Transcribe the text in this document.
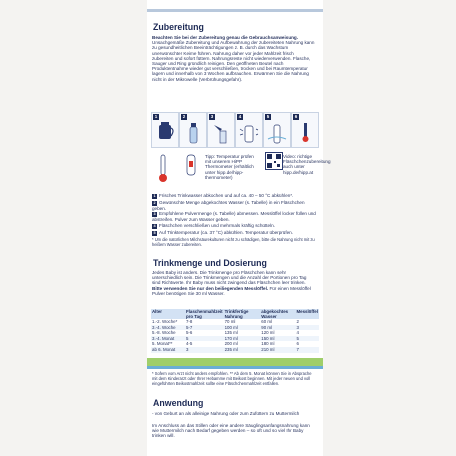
Zubereitung

Beachten Sie bei der Zubereitung genau die Gebrauchsanweisung. Unsachgemäße Zubereitung und Aufbewahrung der zubereiteten Nahrung kann zu gesundheitlichen Beeinträchtigungen z. B. durch das Wachstum unerwünschter Keime führen. Nahrung daher vor jeder Mahlzeit frisch zubereiten und sofort füttern. Nahrungsreste nicht wiederverwenden. Flasche, Sauger und Ring gründlich reinigen. Den geöffneten Beutel nach Produktentnahme wieder gut verschließen, trocken und bei Raumtemperatur lagern und innerhalb von 3 Wochen aufbrauchen. Erwärmen Sie die Nahrung nicht in der Mikrowelle (Verbrühungsgefahr).

1	2	3	4	5	6
Tipp: Temperatur prüfen mit unserem HiPP Thermometer (erhältlich unter hipp.de/hipp-thermometer)
Video: richtige Fläschchenzubereitung auch unter hipp.de/hipp.at
1 Frisches Trinkwasser abkochen und auf ca. 40 – 50 °C abkühlen*.
2 Gewünschte Menge abgekochtes Wasser (s. Tabelle) in ein Fläschchen geben.
3 Empfohlene Pulvermenge (s. Tabelle) abmessen. Messlöffel locker füllen und abstreifen. Pulver zum Wasser geben.
4 Fläschchen verschließen und mehrmals kräftig schütteln.
5 Auf Trinktemperatur (ca. 37 °C) abkühlen. Temperatur überprüfen.
* Um die natürlichen Milchsäurekulturen nicht zu schädigen, bitte die Nahrung nicht mit zu heißem Wasser zubereiten.
Trinkmenge und Dosierung

Jedes Baby ist anders. Die Trinkmenge pro Fläschchen kann sehr unterschiedlich sein. Die Trinkmengen und die Anzahl der Portionen pro Tag sind Richtwerte. Ihr Baby muss nicht zwingend das Fläschchen leer trinken. Bitte verwenden Sie nur den beiliegenden Messlöffel. Für einen Messlöffel Pulver benötigen Sie 30 ml Wasser.

Alter	Flaschenmahlzeit pro Tag	Trinkfertige Nahrung	abgekochtes Wasser	Messlöffel
1.-2. Woche*	7-8	70 ml	60 ml	2
3.-4. Woche	5-7	100 ml	90 ml	3
5.-8. Woche	5-6	135 ml	120 ml	4
3.-4. Monat	5	170 ml	150 ml	5
5. Monat**	4-5	200 ml	180 ml	6
ab 6. Monat	3	235 ml	210 ml	7

* Sofern vom Arzt nicht anders empfohlen. ** Ab dem 5. Monat können Sie in Absprache mit dem Kinderarzt oder Ihrer Hebamme mit Beikost beginnen. Mit jeder neuen und voll eingeführten Beikostmahlzeit sollte eine Fläschchenmahlzeit entfallen.

Anwendung

- von Geburt an als alleinige Nahrung oder zum Zufüttern zu Muttermilch

Im Anschluss an das Stillen oder eine andere Säuglingsanfangsnahrung kann wie Muttermilch nach Bedarf gegeben werden – so oft und so viel Ihr Baby trinken will.
